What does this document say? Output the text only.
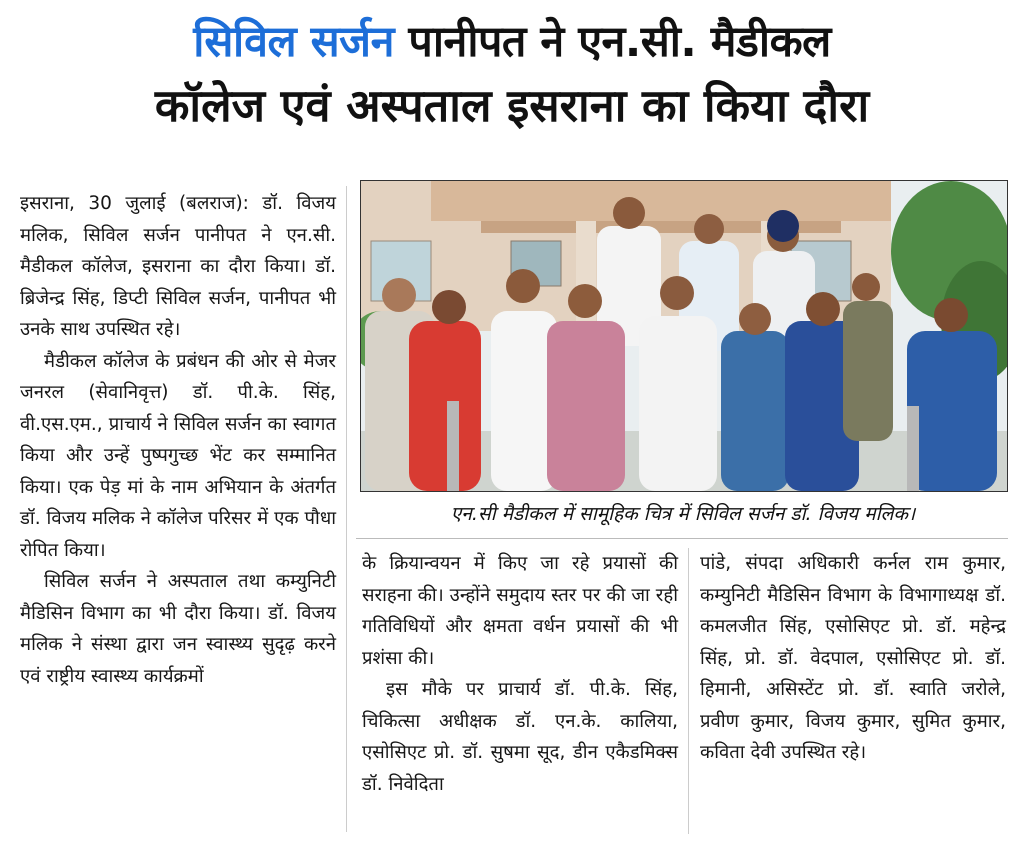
सिविल सर्जन पानीपत ने एन.सी. मैडीकल
कॉलेज एवं अस्पताल इसराना का किया दौरा

इसराना, 30 जुलाई (बलराज): डॉ. विजय मलिक, सिविल सर्जन पानीपत ने एन.सी. मैडीकल कॉलेज, इसराना का दौरा किया। डॉ. ब्रिजेन्द्र सिंह, डिप्टी सिविल सर्जन, पानीपत भी उनके साथ उपस्थित रहे।

मैडीकल कॉलेज के प्रबंधन की ओर से मेजर जनरल (सेवानिवृत्त) डॉ. पी.के. सिंह, वी.एस.एम., प्राचार्य ने सिविल सर्जन का स्वागत किया और उन्हें पुष्पगुच्छ भेंट कर सम्मानित किया। एक पेड़ मां के नाम अभियान के अंतर्गत डॉ. विजय मलिक ने कॉलेज परिसर में एक पौधा रोपित किया।

सिविल सर्जन ने अस्पताल तथा कम्युनिटी मैडिसिन विभाग का भी दौरा किया। डॉ. विजय मलिक ने संस्था द्वारा जन स्वास्थ्य सुदृढ़ करने एवं राष्ट्रीय स्वास्थ्य कार्यक्रमों

एन.सी मैडीकल में सामूहिक चित्र में सिविल सर्जन डॉ. विजय मलिक।

के क्रियान्वयन में किए जा रहे प्रयासों की सराहना की। उन्होंने समुदाय स्तर पर की जा रही गतिविधियों और क्षमता वर्धन प्रयासों की भी प्रशंसा की।

इस मौके पर प्राचार्य डॉ. पी.के. सिंह, चिकित्सा अधीक्षक डॉ. एन.के. कालिया, एसोसिएट प्रो. डॉ. सुषमा सूद, डीन एकैडमिक्स डॉ. निवेदिता

पांडे, संपदा अधिकारी कर्नल राम कुमार, कम्युनिटी मैडिसिन विभाग के विभागाध्यक्ष डॉ. कमलजीत सिंह, एसोसिएट प्रो. डॉ. महेन्द्र सिंह, प्रो. डॉ. वेदपाल, एसोसिएट प्रो. डॉ. हिमानी, असिस्टेंट प्रो. डॉ. स्वाति जरोले, प्रवीण कुमार, विजय कुमार, सुमित कुमार, कविता देवी उपस्थित रहे।
